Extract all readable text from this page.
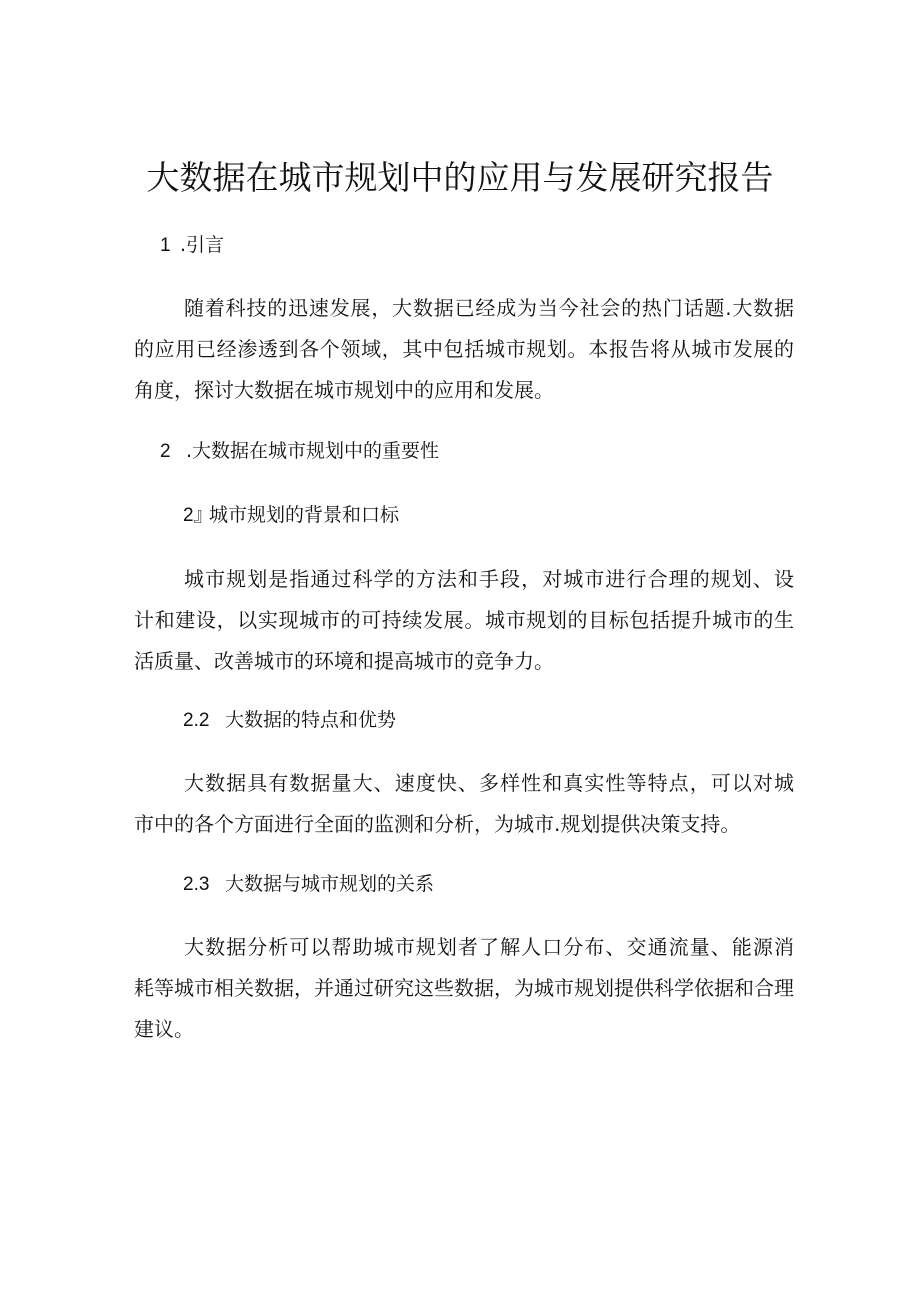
大数据在城市规划中的应用与发展研究报告
1 .引言
随着科技的迅速发展，大数据已经成为当今社会的热门话题.大数据
的应用已经渗透到各个领域，其中包括城市规划。本报告将从城市发展的
角度，探讨大数据在城市规划中的应用和发展。
2 .大数据在城市规划中的重要性
2』城市规划的背景和口标
城市规划是指通过科学的方法和手段，对城市进行合理的规划、设
计和建设，以实现城市的可持续发展。城市规划的目标包括提升城市的生
活质量、改善城市的环境和提高城市的竞争力。
2.2 大数据的特点和优势
大数据具有数据量大、速度快、多样性和真实性等特点，可以对城
市中的各个方面进行全面的监测和分析，为城市.规划提供决策支持。
2.3 大数据与城市规划的关系
大数据分析可以帮助城市规划者了解人口分布、交通流量、能源消
耗等城市相关数据，并通过研究这些数据，为城市规划提供科学依据和合理
建议。
